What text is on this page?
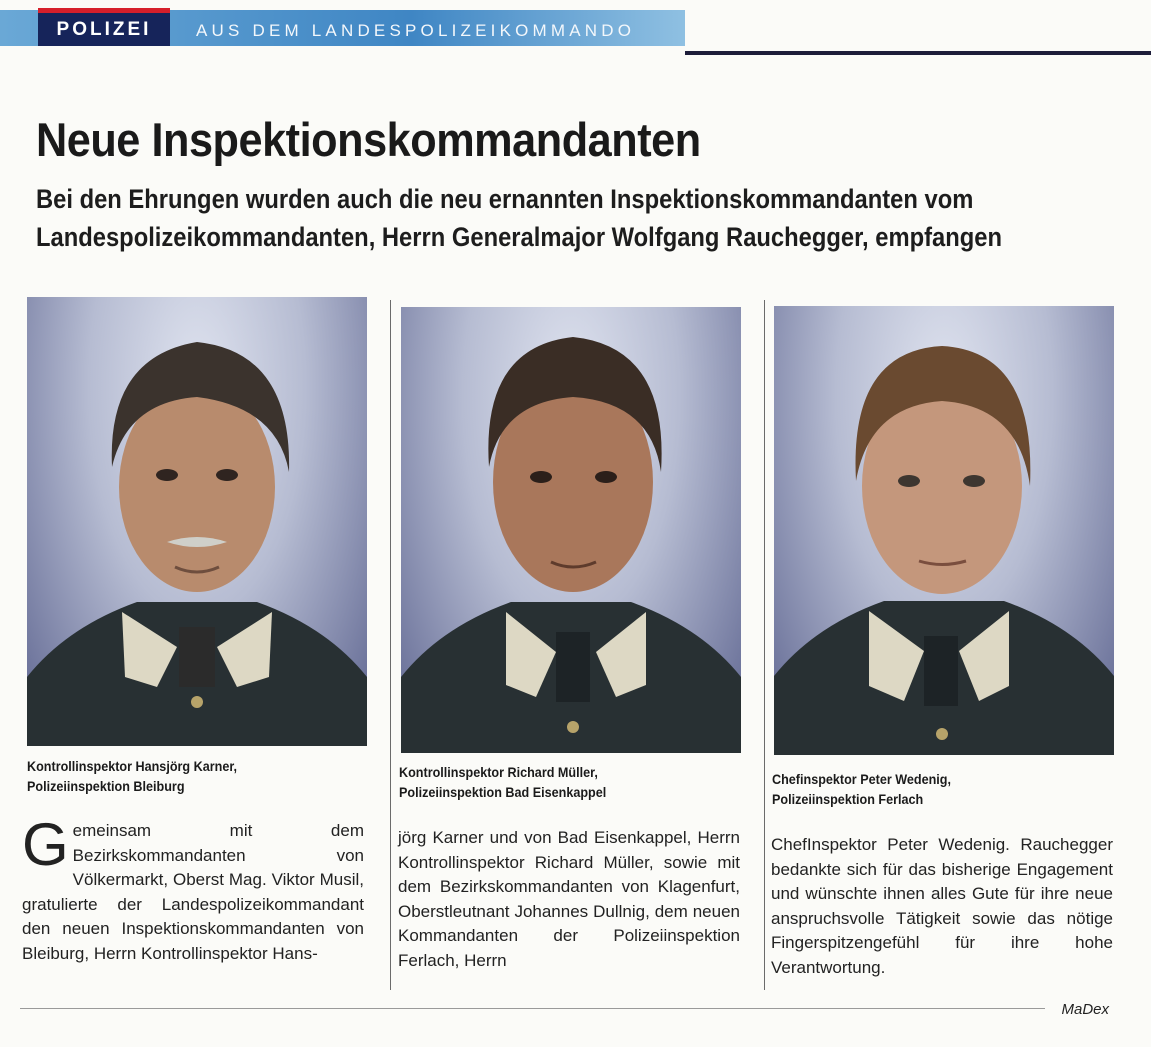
POLIZEI	AUS DEM LANDESPOLIZEIKOMMANDO
Neue Inspektionskommandanten

Bei den Ehrungen wurden auch die neu ernannten Inspektionskommandanten vom Landespolizeikommandanten, Herrn Generalmajor Wolfgang Rauchegger, empfangen

Kontrollinspektor Hansjörg Karner,
Polizeiinspektion Bleiburg
Kontrollinspektor Richard Müller,
Polizeiinspektion Bad Eisenkappel
Chefinspektor Peter Wedenig,
Polizeiinspektion Ferlach

Gemeinsam mit dem Bezirkskommandanten von Völkermarkt, Oberst Mag. Viktor Musil, gratulierte der Landespolizeikommandant den neuen Inspektionskommandanten von Bleiburg, Herrn Kontrollinspektor Hans-

jörg Karner und von Bad Eisenkappel, Herrn Kontrollinspektor Richard Müller, sowie mit dem Bezirkskommandanten von Klagenfurt, Oberstleutnant Johannes Dullnig, dem neuen Kommandanten der Polizeiinspektion Ferlach, Herrn

ChefInspektor Peter Wedenig. Rauchegger bedankte sich für das bisherige Engagement und wünschte ihnen alles Gute für ihre neue anspruchsvolle Tätigkeit sowie das nötige Fingerspitzengefühl für ihre hohe Verantwortung.

MaDex
